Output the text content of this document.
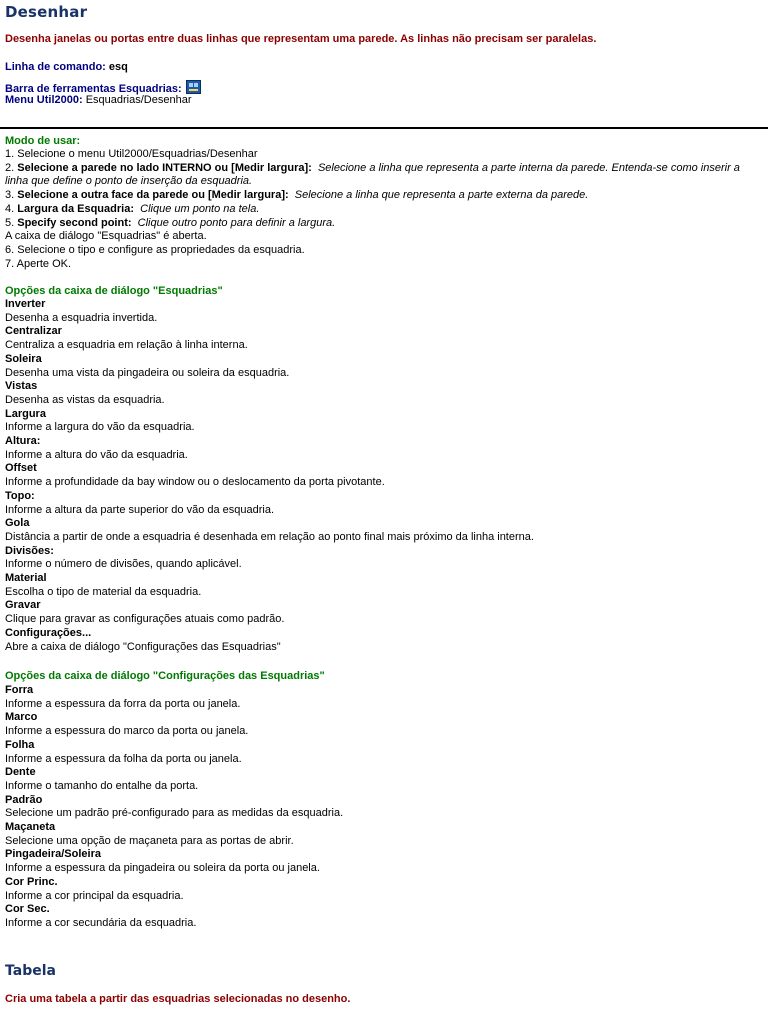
Desenhar
Desenha janelas ou portas entre duas linhas que representam uma parede. As linhas não precisam ser paralelas.
Linha de comando: esq
Barra de ferramentas Esquadrias:
Menu Util2000: Esquadrias/Desenhar
Modo de usar:
1. Selecione o menu Util2000/Esquadrias/Desenhar
2. Selecione a parede no lado INTERNO ou [Medir largura]: Selecione a linha que representa a parte interna da parede. Entenda-se como inserir a linha que define o ponto de inserção da esquadria.
3. Selecione a outra face da parede ou [Medir largura]: Selecione a linha que representa a parte externa da parede.
4. Largura da Esquadria: Clique um ponto na tela.
5. Specify second point: Clique outro ponto para definir a largura.
A caixa de diálogo "Esquadrias" é aberta.
6. Selecione o tipo e configure as propriedades da esquadria.
7. Aperte OK.
Opções da caixa de diálogo "Esquadrias"
Inverter
Desenha a esquadria invertida.
Centralizar
Centraliza a esquadria em relação à linha interna.
Soleira
Desenha uma vista da pingadeira ou soleira da esquadria.
Vistas
Desenha as vistas da esquadria.
Largura
Informe a largura do vão da esquadria.
Altura:
Informe a altura do vão da esquadria.
Offset
Informe a profundidade da bay window ou o deslocamento da porta pivotante.
Topo:
Informe a altura da parte superior do vão da esquadria.
Gola
Distância a partir de onde a esquadria é desenhada em relação ao ponto final mais próximo da linha interna.
Divisões:
Informe o número de divisões, quando aplicável.
Material
Escolha o tipo de material da esquadria.
Gravar
Clique para gravar as configurações atuais como padrão.
Configurações...
Abre a caixa de diálogo "Configurações das Esquadrias"
Opções da caixa de diálogo "Configurações das Esquadrias"
Forra
Informe a espessura da forra da porta ou janela.
Marco
Informe a espessura do marco da porta ou janela.
Folha
Informe a espessura da folha da porta ou janela.
Dente
Informe o tamanho do entalhe da porta.
Padrão
Selecione um padrão pré-configurado para as medidas da esquadria.
Maçaneta
Selecione uma opção de maçaneta para as portas de abrir.
Pingadeira/Soleira
Informe a espessura da pingadeira ou soleira da porta ou janela.
Cor Princ.
Informe a cor principal da esquadria.
Cor Sec.
Informe a cor secundária da esquadria.
Tabela
Cria uma tabela a partir das esquadrias selecionadas no desenho.
